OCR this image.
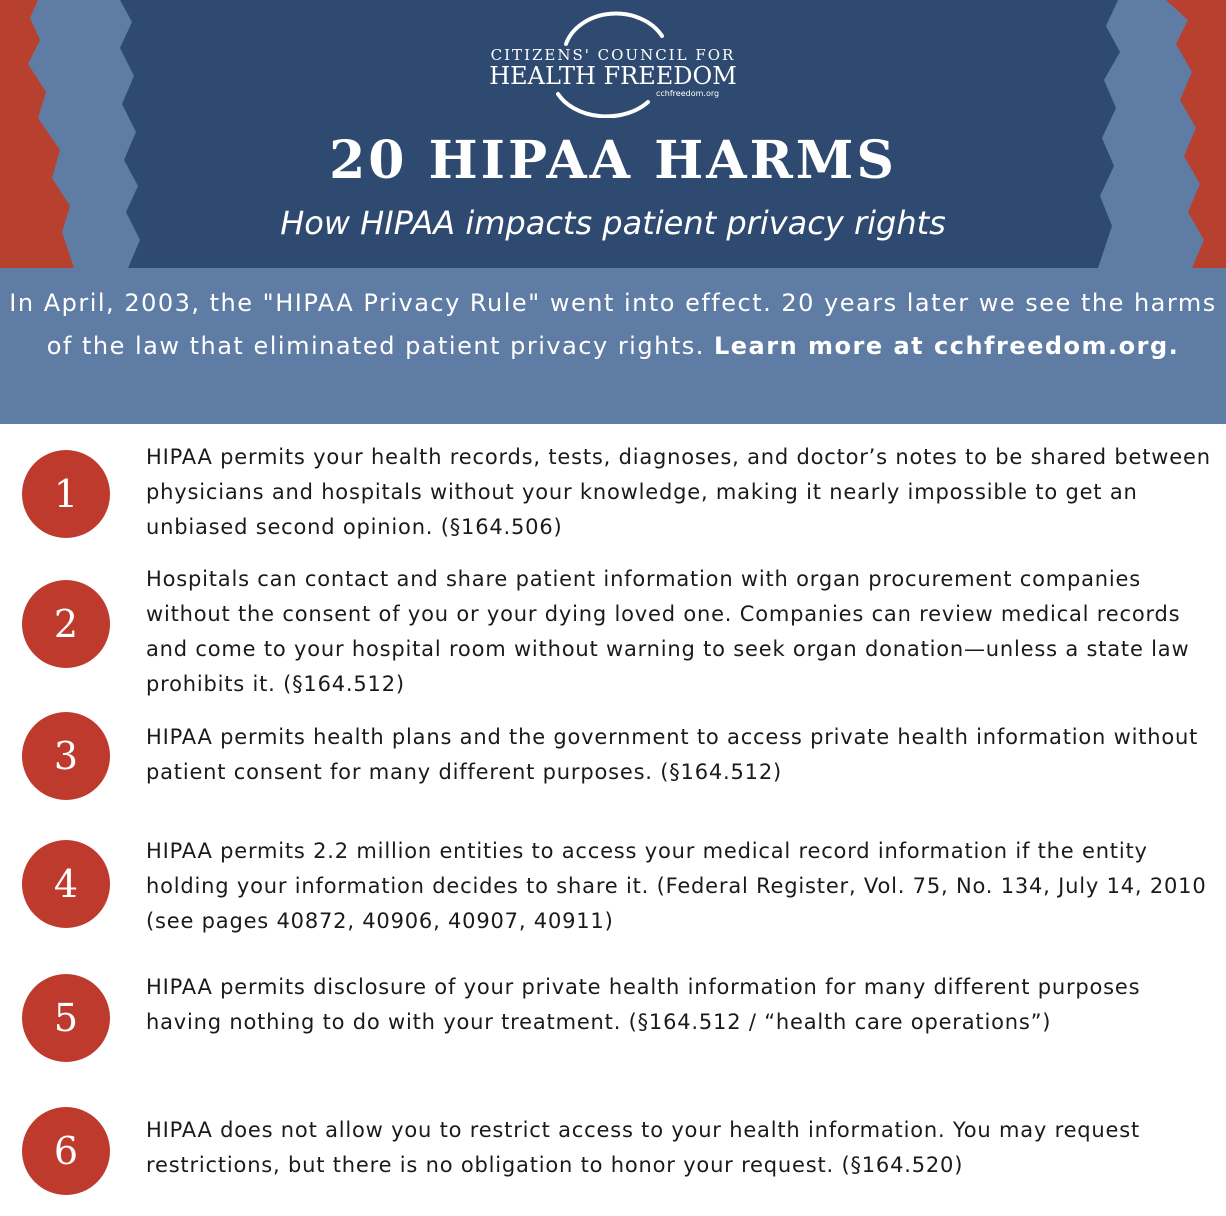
CITIZENS' COUNCIL FOR
HEALTH FREEDOM
cchfreedom.org
20 HIPAA HARMS
How HIPAA impacts patient privacy rights
In April, 2003, the "HIPAA Privacy Rule" went into effect. 20 years later we see the harms of the law that eliminated patient privacy rights. Learn more at cchfreedom.org.
1
HIPAA permits your health records, tests, diagnoses, and doctor’s notes to be shared between physicians and hospitals without your knowledge, making it nearly impossible to get an unbiased second opinion. (§164.506)
2
Hospitals can contact and share patient information with organ procurement companies without the consent of you or your dying loved one. Companies can review medical records and come to your hospital room without warning to seek organ donation—unless a state law prohibits it. (§164.512)
3	HIPAA permits health plans and the government to access private health information without patient consent for many different purposes. (§164.512)
4
HIPAA permits 2.2 million entities to access your medical record information if the entity holding your information decides to share it. (Federal Register, Vol. 75, No. 134, July 14, 2010 (see pages 40872, 40906, 40907, 40911)
5
HIPAA permits disclosure of your private health information for many different purposes having nothing to do with your treatment. (§164.512 / “health care operations”)
6	HIPAA does not allow you to restrict access to your health information. You may request restrictions, but there is no obligation to honor your request. (§164.520)
